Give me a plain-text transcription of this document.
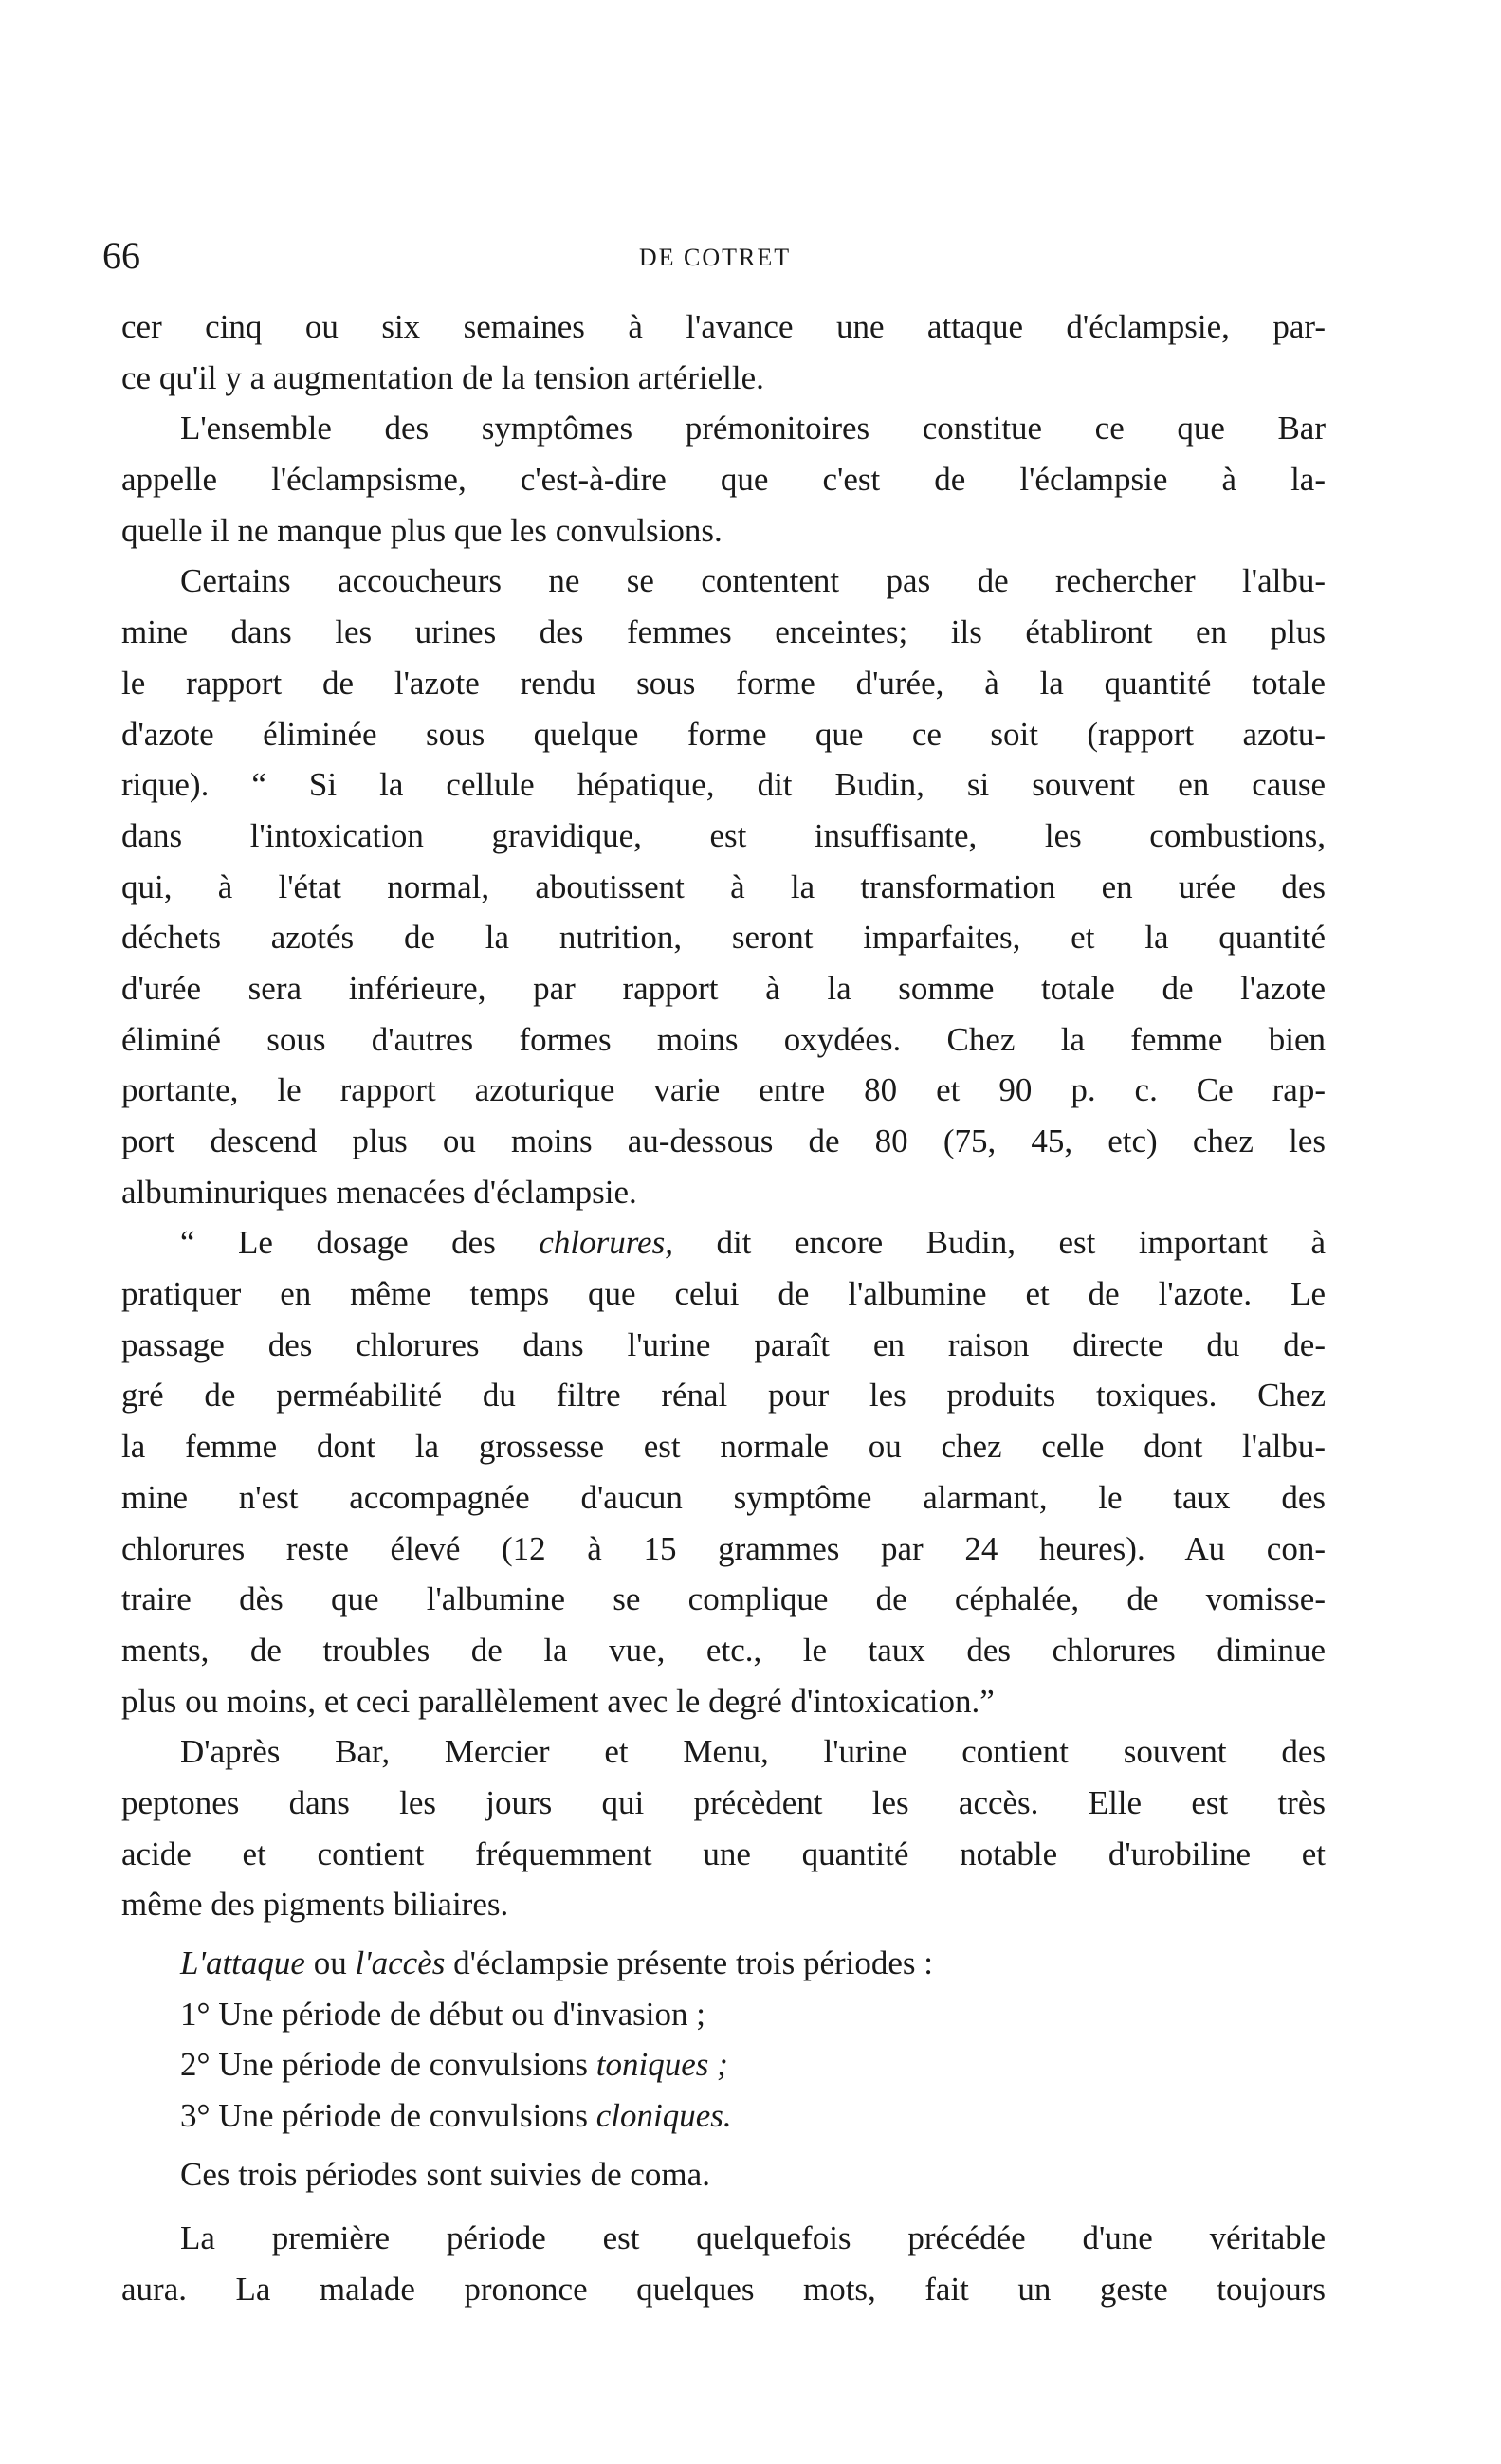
66	DE COTRET
cer cinq ou six semaines à l'avance une attaque d'éclampsie, par-
ce qu'il y a augmentation de la tension artérielle.
L'ensemble des symptômes prémonitoires constitue ce que Bar
appelle l'éclampsisme, c'est-à-dire que c'est de l'éclampsie à la-
quelle il ne manque plus que les convulsions.
Certains accoucheurs ne se contentent pas de rechercher l'albu-
mine dans les urines des femmes enceintes; ils établiront en plus
le rapport de l'azote rendu sous forme d'urée, à la quantité totale
d'azote éliminée sous quelque forme que ce soit (rapport azotu-
rique). “ Si la cellule hépatique, dit Budin, si souvent en cause
dans l'intoxication gravidique, est insuffisante, les combustions,
qui, à l'état normal, aboutissent à la transformation en urée des
déchets azotés de la nutrition, seront imparfaites, et la quantité
d'urée sera inférieure, par rapport à la somme totale de l'azote
éliminé sous d'autres formes moins oxydées. Chez la femme bien
portante, le rapport azoturique varie entre 80 et 90 p. c. Ce rap-
port descend plus ou moins au-dessous de 80 (75, 45, etc) chez les
albuminuriques menacées d'éclampsie.
“ Le dosage des chlorures, dit encore Budin, est important à
pratiquer en même temps que celui de l'albumine et de l'azote. Le
passage des chlorures dans l'urine paraît en raison directe du de-
gré de perméabilité du filtre rénal pour les produits toxiques. Chez
la femme dont la grossesse est normale ou chez celle dont l'albu-
mine n'est accompagnée d'aucun symptôme alarmant, le taux des
chlorures reste élevé (12 à 15 grammes par 24 heures). Au con-
traire dès que l'albumine se complique de céphalée, de vomisse-
ments, de troubles de la vue, etc., le taux des chlorures diminue
plus ou moins, et ceci parallèlement avec le degré d'intoxication.”
D'après Bar, Mercier et Menu, l'urine contient souvent des
peptones dans les jours qui précèdent les accès. Elle est très
acide et contient fréquemment une quantité notable d'urobiline et
même des pigments biliaires.
L'attaque ou l'accès d'éclampsie présente trois périodes :
1° Une période de début ou d'invasion ;
2° Une période de convulsions toniques ;
3° Une période de convulsions cloniques.
Ces trois périodes sont suivies de coma.
La première période est quelquefois précédée d'une véritable
aura. La malade prononce quelques mots, fait un geste toujours
